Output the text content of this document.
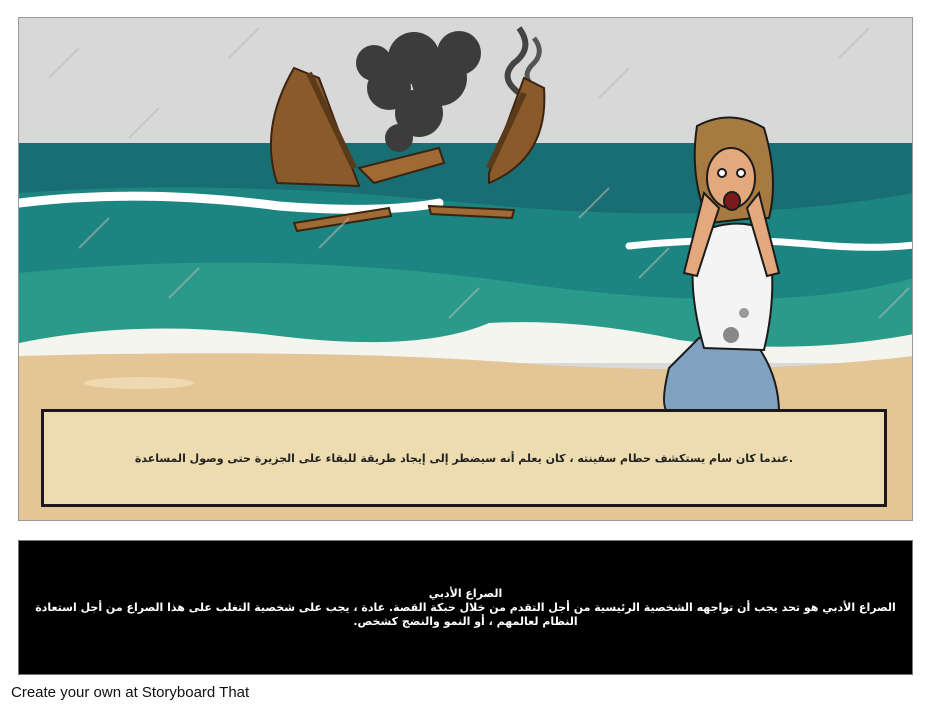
.عندما كان سام يستكشف حطام سفينته ، كان يعلم أنه سيضطر إلى إيجاد طريقة للبقاء على الجزيرة حتى وصول المساعدة
الصراع الأدبي
الصراع الأدبي هو تحد يجب أن تواجهه الشخصية الرئيسية من أجل التقدم من خلال حبكة القصة. عادة ، يجب على شخصية التغلب على هذا الصراع من أجل استعادة النظام لعالمهم ، أو النمو والنضج كشخص.
Create your own at Storyboard That
